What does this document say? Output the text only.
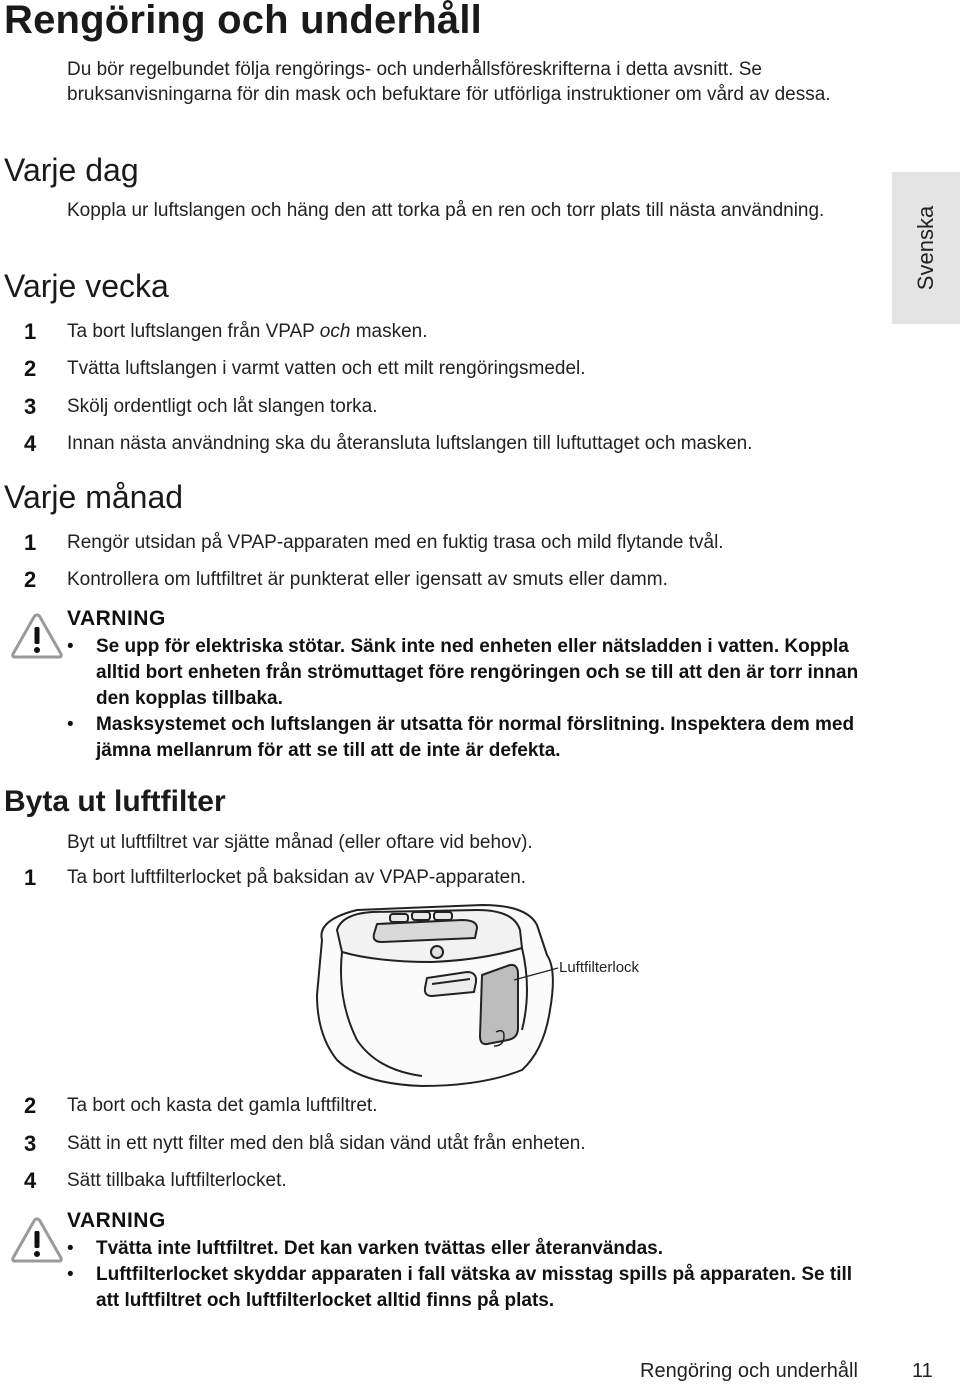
Rengöring och underhåll
Du bör regelbundet följa rengörings- och underhållsföreskrifterna i detta avsnitt. Se bruksanvisningarna för din mask och befuktare för utförliga instruktioner om vård av dessa.
Varje dag
Koppla ur luftslangen och häng den att torka på en ren och torr plats till nästa användning.
Varje vecka
1 Ta bort luftslangen från VPAP och masken.
2 Tvätta luftslangen i varmt vatten och ett milt rengöringsmedel.
3 Skölj ordentligt och låt slangen torka.
4 Innan nästa användning ska du återansluta luftslangen till luftuttaget och masken.
Varje månad
1 Rengör utsidan på VPAP-apparaten med en fuktig trasa och mild flytande tvål.
2 Kontrollera om luftfiltret är punkterat eller igensatt av smuts eller damm.
VARNING
• Se upp för elektriska stötar. Sänk inte ned enheten eller nätsladden i vatten. Koppla alltid bort enheten från strömuttaget före rengöringen och se till att den är torr innan den kopplas tillbaka.
• Masksystemet och luftslangen är utsatta för normal förslitning. Inspektera dem med jämna mellanrum för att se till att de inte är defekta.
Byta ut luftfilter
Byt ut luftfiltret var sjätte månad (eller oftare vid behov).
1 Ta bort luftfilterlocket på baksidan av VPAP-apparaten.
Luftfilterlock
2 Ta bort och kasta det gamla luftfiltret.
3 Sätt in ett nytt filter med den blå sidan vänd utåt från enheten.
4 Sätt tillbaka luftfilterlocket.
VARNING
• Tvätta inte luftfiltret. Det kan varken tvättas eller återanvändas.
• Luftfilterlocket skyddar apparaten i fall vätska av misstag spills på apparaten. Se till att luftfiltret och luftfilterlocket alltid finns på plats.
Svenska
Rengöring och underhåll	11
